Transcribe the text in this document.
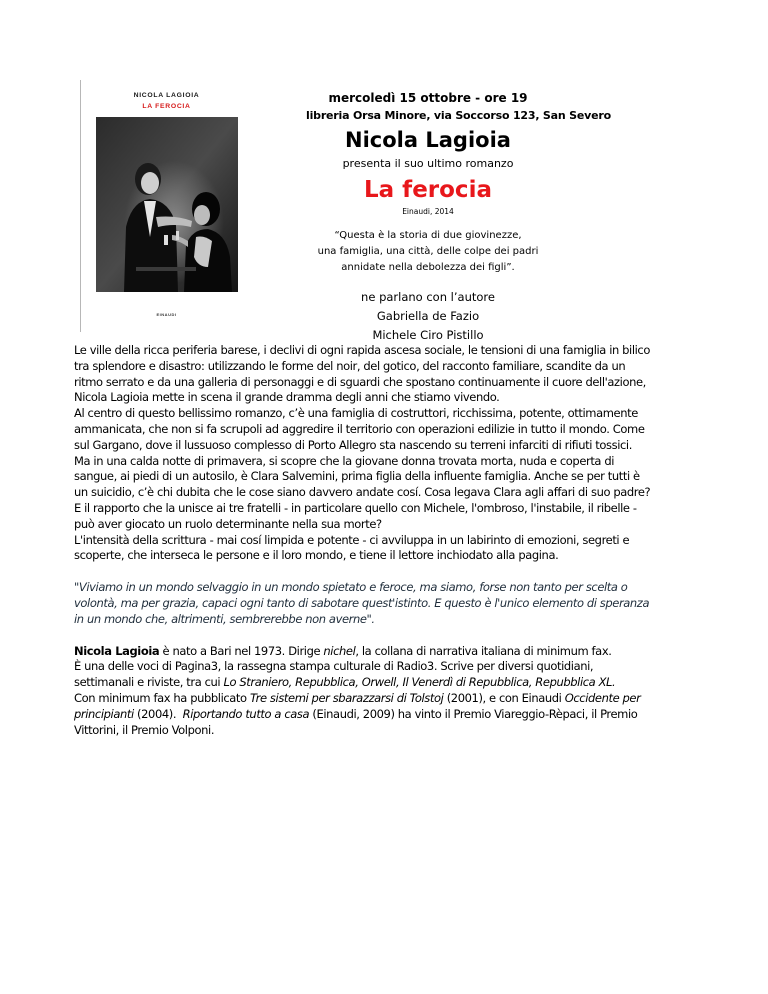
NICOLA LAGIOIA
LA FEROCIA
EINAUDI
mercoledì 15 ottobre - ore 19
libreria Orsa Minore, via Soccorso 123, San Severo
Nicola Lagioia
presenta il suo ultimo romanzo
La ferocia
Einaudi, 2014
“Questa è la storia di due giovinezze,
una famiglia, una città, delle colpe dei padri
annidate nella debolezza dei figli”.
ne parlano con l’autore
Gabriella de Fazio
Michele Ciro Pistillo
Le ville della ricca periferia barese, i declivi di ogni rapida ascesa sociale, le tensioni di una famiglia in bilico
tra splendore e disastro: utilizzando le forme del noir, del gotico, del racconto familiare, scandite da un
ritmo serrato e da una galleria di personaggi e di sguardi che spostano continuamente il cuore dell'azione,
Nicola Lagioia mette in scena il grande dramma degli anni che stiamo vivendo.
Al centro di questo bellissimo romanzo, c’è una famiglia di costruttori, ricchissima, potente, ottimamente
ammanicata, che non si fa scrupoli ad aggredire il territorio con operazioni edilizie in tutto il mondo. Come
sul Gargano, dove il lussuoso complesso di Porto Allegro sta nascendo su terreni infarciti di rifiuti tossici.
Ma in una calda notte di primavera, si scopre che la giovane donna trovata morta, nuda e coperta di
sangue, ai piedi di un autosilo, è Clara Salvemini, prima figlia della influente famiglia. Anche se per tutti è
un suicidio, c’è chi dubita che le cose siano davvero andate cosí. Cosa legava Clara agli affari di suo padre?
E il rapporto che la unisce ai tre fratelli - in particolare quello con Michele, l'ombroso, l'instabile, il ribelle -
può aver giocato un ruolo determinante nella sua morte?
L'intensità della scrittura - mai cosí limpida e potente - ci avviluppa in un labirinto di emozioni, segreti e
scoperte, che interseca le persone e il loro mondo, e tiene il lettore inchiodato alla pagina.
"Viviamo in un mondo selvaggio in un mondo spietato e feroce, ma siamo, forse non tanto per scelta o
volontà, ma per grazia, capaci ogni tanto di sabotare quest'istinto. E questo è l'unico elemento di speranza
in un mondo che, altrimenti, sembrerebbe non averne".
Nicola Lagioia è nato a Bari nel 1973. Dirige nichel, la collana di narrativa italiana di minimum fax.
È una delle voci di Pagina3, la rassegna stampa culturale di Radio3. Scrive per diversi quotidiani,
settimanali e riviste, tra cui Lo Straniero, Repubblica, Orwell, Il Venerdì di Repubblica, Repubblica XL.
Con minimum fax ha pubblicato Tre sistemi per sbarazzarsi di Tolstoj (2001), e con Einaudi Occidente per
principianti (2004).  Riportando tutto a casa (Einaudi, 2009) ha vinto il Premio Viareggio-Rèpaci, il Premio
Vittorini, il Premio Volponi.
